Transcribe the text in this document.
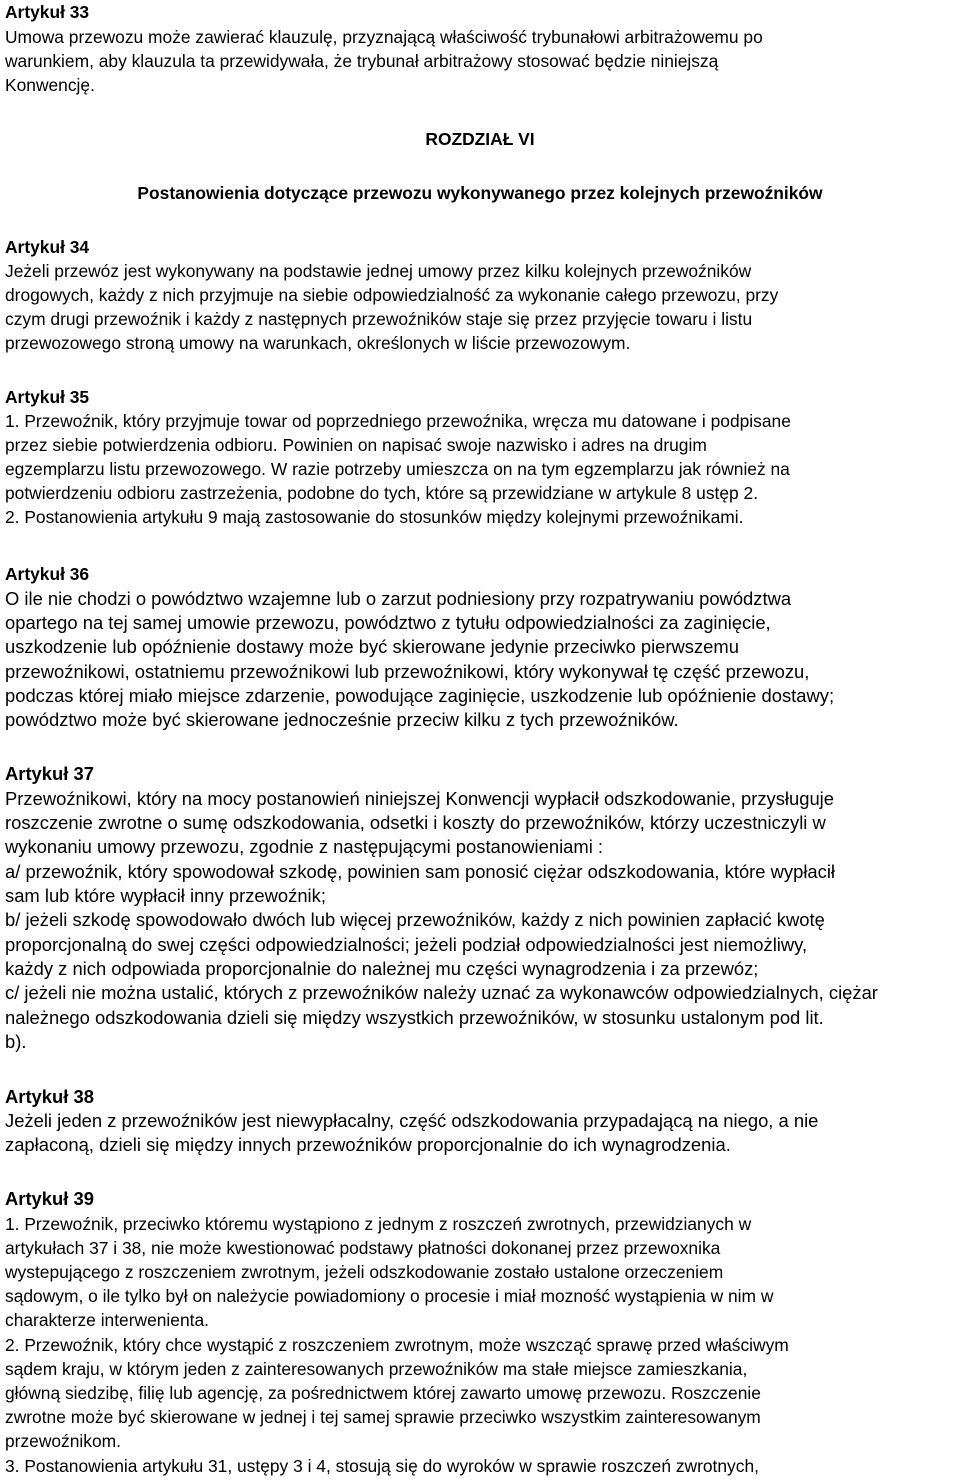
Artykuł 33
Umowa przewozu może zawierać klauzulę, przyznającą właściwość trybunałowi arbitrażowemu po
warunkiem, aby klauzula ta przewidywała, że trybunał arbitrażowy stosować będzie niniejszą
Konwencję.
ROZDZIAŁ VI
Postanowienia dotyczące przewozu wykonywanego przez kolejnych przewoźników
Artykuł 34
Jeżeli przewóz jest wykonywany na podstawie jednej umowy przez kilku kolejnych przewoźników
drogowych, każdy z nich przyjmuje na siebie odpowiedzialność za wykonanie całego przewozu, przy
czym drugi przewoźnik i każdy z następnych przewoźników staje się przez przyjęcie towaru i listu
przewozowego stroną umowy na warunkach, określonych w liście przewozowym.
Artykuł 35
1. Przewoźnik, który przyjmuje towar od poprzedniego przewoźnika, wręcza mu datowane i podpisane
przez siebie potwierdzenia odbioru. Powinien on napisać swoje nazwisko i adres na drugim
egzemplarzu listu przewozowego. W razie potrzeby umieszcza on na tym egzemplarzu jak również na
potwierdzeniu odbioru zastrzeżenia, podobne do tych, które są przewidziane w artykule 8 ustęp 2.
2. Postanowienia artykułu 9 mają zastosowanie do stosunków między kolejnymi przewoźnikami.
Artykuł 36
O ile nie chodzi o powództwo wzajemne lub o zarzut podniesiony przy rozpatrywaniu powództwa
opartego na tej samej umowie przewozu, powództwo z tytułu odpowiedzialności za zaginięcie,
uszkodzenie lub opóźnienie dostawy może być skierowane jedynie przeciwko pierwszemu
przewoźnikowi, ostatniemu przewoźnikowi lub przewoźnikowi, który wykonywał tę część przewozu,
podczas której miało miejsce zdarzenie, powodujące zaginięcie, uszkodzenie lub opóźnienie dostawy;
powództwo może być skierowane jednocześnie przeciw kilku z tych przewoźników.
Artykuł 37
Przewoźnikowi, który na mocy postanowień niniejszej Konwencji wypłacił odszkodowanie, przysługuje
roszczenie zwrotne o sumę odszkodowania, odsetki i koszty do przewoźników, którzy uczestniczyli w
wykonaniu umowy przewozu, zgodnie z następującymi postanowieniami :
a/ przewoźnik, który spowodował szkodę, powinien sam ponosić ciężar odszkodowania, które wypłacił
sam lub które wypłacił inny przewoźnik;
b/ jeżeli szkodę spowodowało dwóch lub więcej przewoźników, każdy z nich powinien zapłacić kwotę
proporcjonalną do swej części odpowiedzialności; jeżeli podział odpowiedzialności jest niemożliwy,
każdy z nich odpowiada proporcjonalnie do należnej mu części wynagrodzenia i za przewóz;
c/ jeżeli nie można ustalić, których z przewoźników należy uznać za wykonawców odpowiedzialnych, ciężar
należnego odszkodowania dzieli się między wszystkich przewoźników, w stosunku ustalonym pod lit.
b).
Artykuł 38
Jeżeli jeden z przewoźników jest niewypłacalny, część odszkodowania przypadającą na niego, a nie
zapłaconą, dzieli się między innych przewoźników proporcjonalnie do ich wynagrodzenia.
Artykuł 39
1. Przewoźnik, przeciwko któremu wystąpiono z jednym z roszczeń zwrotnych, przewidzianych w
artykułach 37 i 38, nie może kwestionować podstawy płatności dokonanej przez przewoxnika
wystepującego z roszczeniem zwrotnym, jeżeli odszkodowanie zostało ustalone orzeczeniem
sądowym, o ile tylko był on należycie powiadomiony o procesie i miał mozność wystąpienia w nim w
charakterze interwenienta.
2. Przewoźnik, który chce wystąpić z roszczeniem zwrotnym, może wszcząć sprawę przed właściwym
sądem kraju, w którym jeden z zainteresowanych przewoźników ma stałe miejsce zamieszkania,
główną siedzibę, filię lub agencję, za pośrednictwem której zawarto umowę przewozu. Roszczenie
zwrotne może być skierowane w jednej i tej samej sprawie przeciwko wszystkim zainteresowanym
przewoźnikom.
3. Postanowienia artykułu 31, ustępy 3 i 4, stosują się do wyroków w sprawie roszczeń zwrotnych,
